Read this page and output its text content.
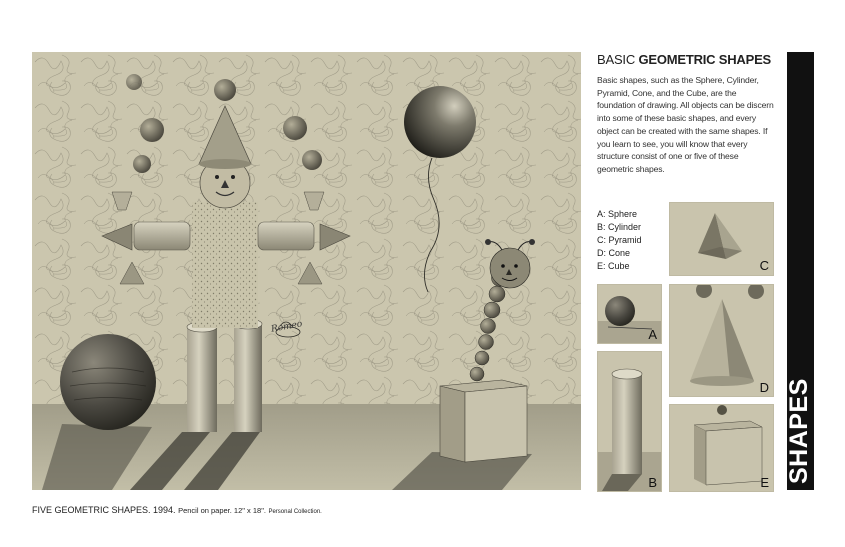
Romeo
FIVE GEOMETRIC SHAPES. 1994. Pencil on paper. 12" x 18". Personal Collection.
BASIC GEOMETRIC SHAPES
Basic shapes, such as the Sphere, Cylinder, Pyramid, Cone, and the Cube, are the foundation of drawing. All objects can be discern into some of these basic shapes, and every object can be created with the same shapes. If you learn to see, you will know that every structure consist of one or five of these geometric shapes.
A: Sphere
B: Cylinder
C: Pyramid
D: Cone
E: Cube	C
A
D
B	E SHAPES
